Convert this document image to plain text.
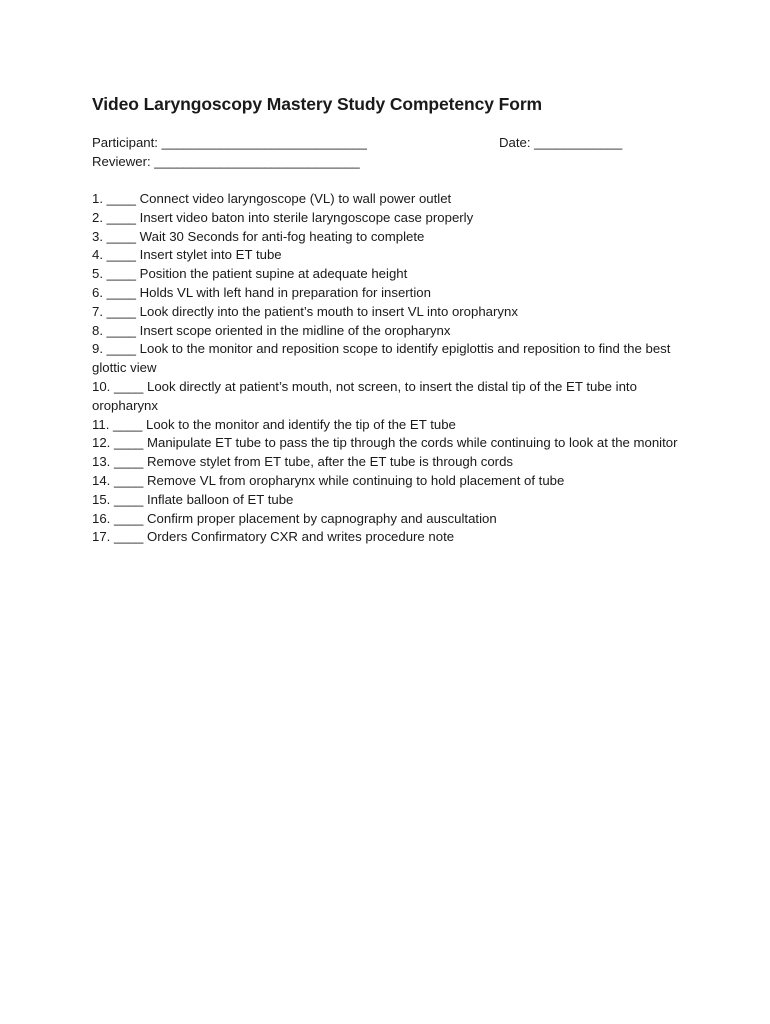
Video Laryngoscopy Mastery Study Competency Form
Participant: ____________________________	Date: ____________
Reviewer: ____________________________
1. ____ Connect video laryngoscope (VL) to wall power outlet
2. ____ Insert video baton into sterile laryngoscope case properly
3. ____ Wait 30 Seconds for anti-fog heating to complete
4. ____ Insert stylet into ET tube
5. ____ Position the patient supine at adequate height
6. ____ Holds VL with left hand in preparation for insertion
7. ____ Look directly into the patient’s mouth to insert VL into oropharynx
8. ____ Insert scope oriented in the midline of the oropharynx
9. ____ Look to the monitor and reposition scope to identify epiglottis and reposition to find the best glottic view
10. ____ Look directly at patient’s mouth, not screen, to insert the distal tip of the ET tube into oropharynx
11. ____ Look to the monitor and identify the tip of the ET tube
12. ____ Manipulate ET tube to pass the tip through the cords while continuing to look at the monitor
13. ____ Remove stylet from ET tube, after the ET tube is through cords
14. ____ Remove VL from oropharynx while continuing to hold placement of tube
15. ____ Inflate balloon of ET tube
16. ____ Confirm proper placement by capnography and auscultation
17. ____ Orders Confirmatory CXR and writes procedure note
